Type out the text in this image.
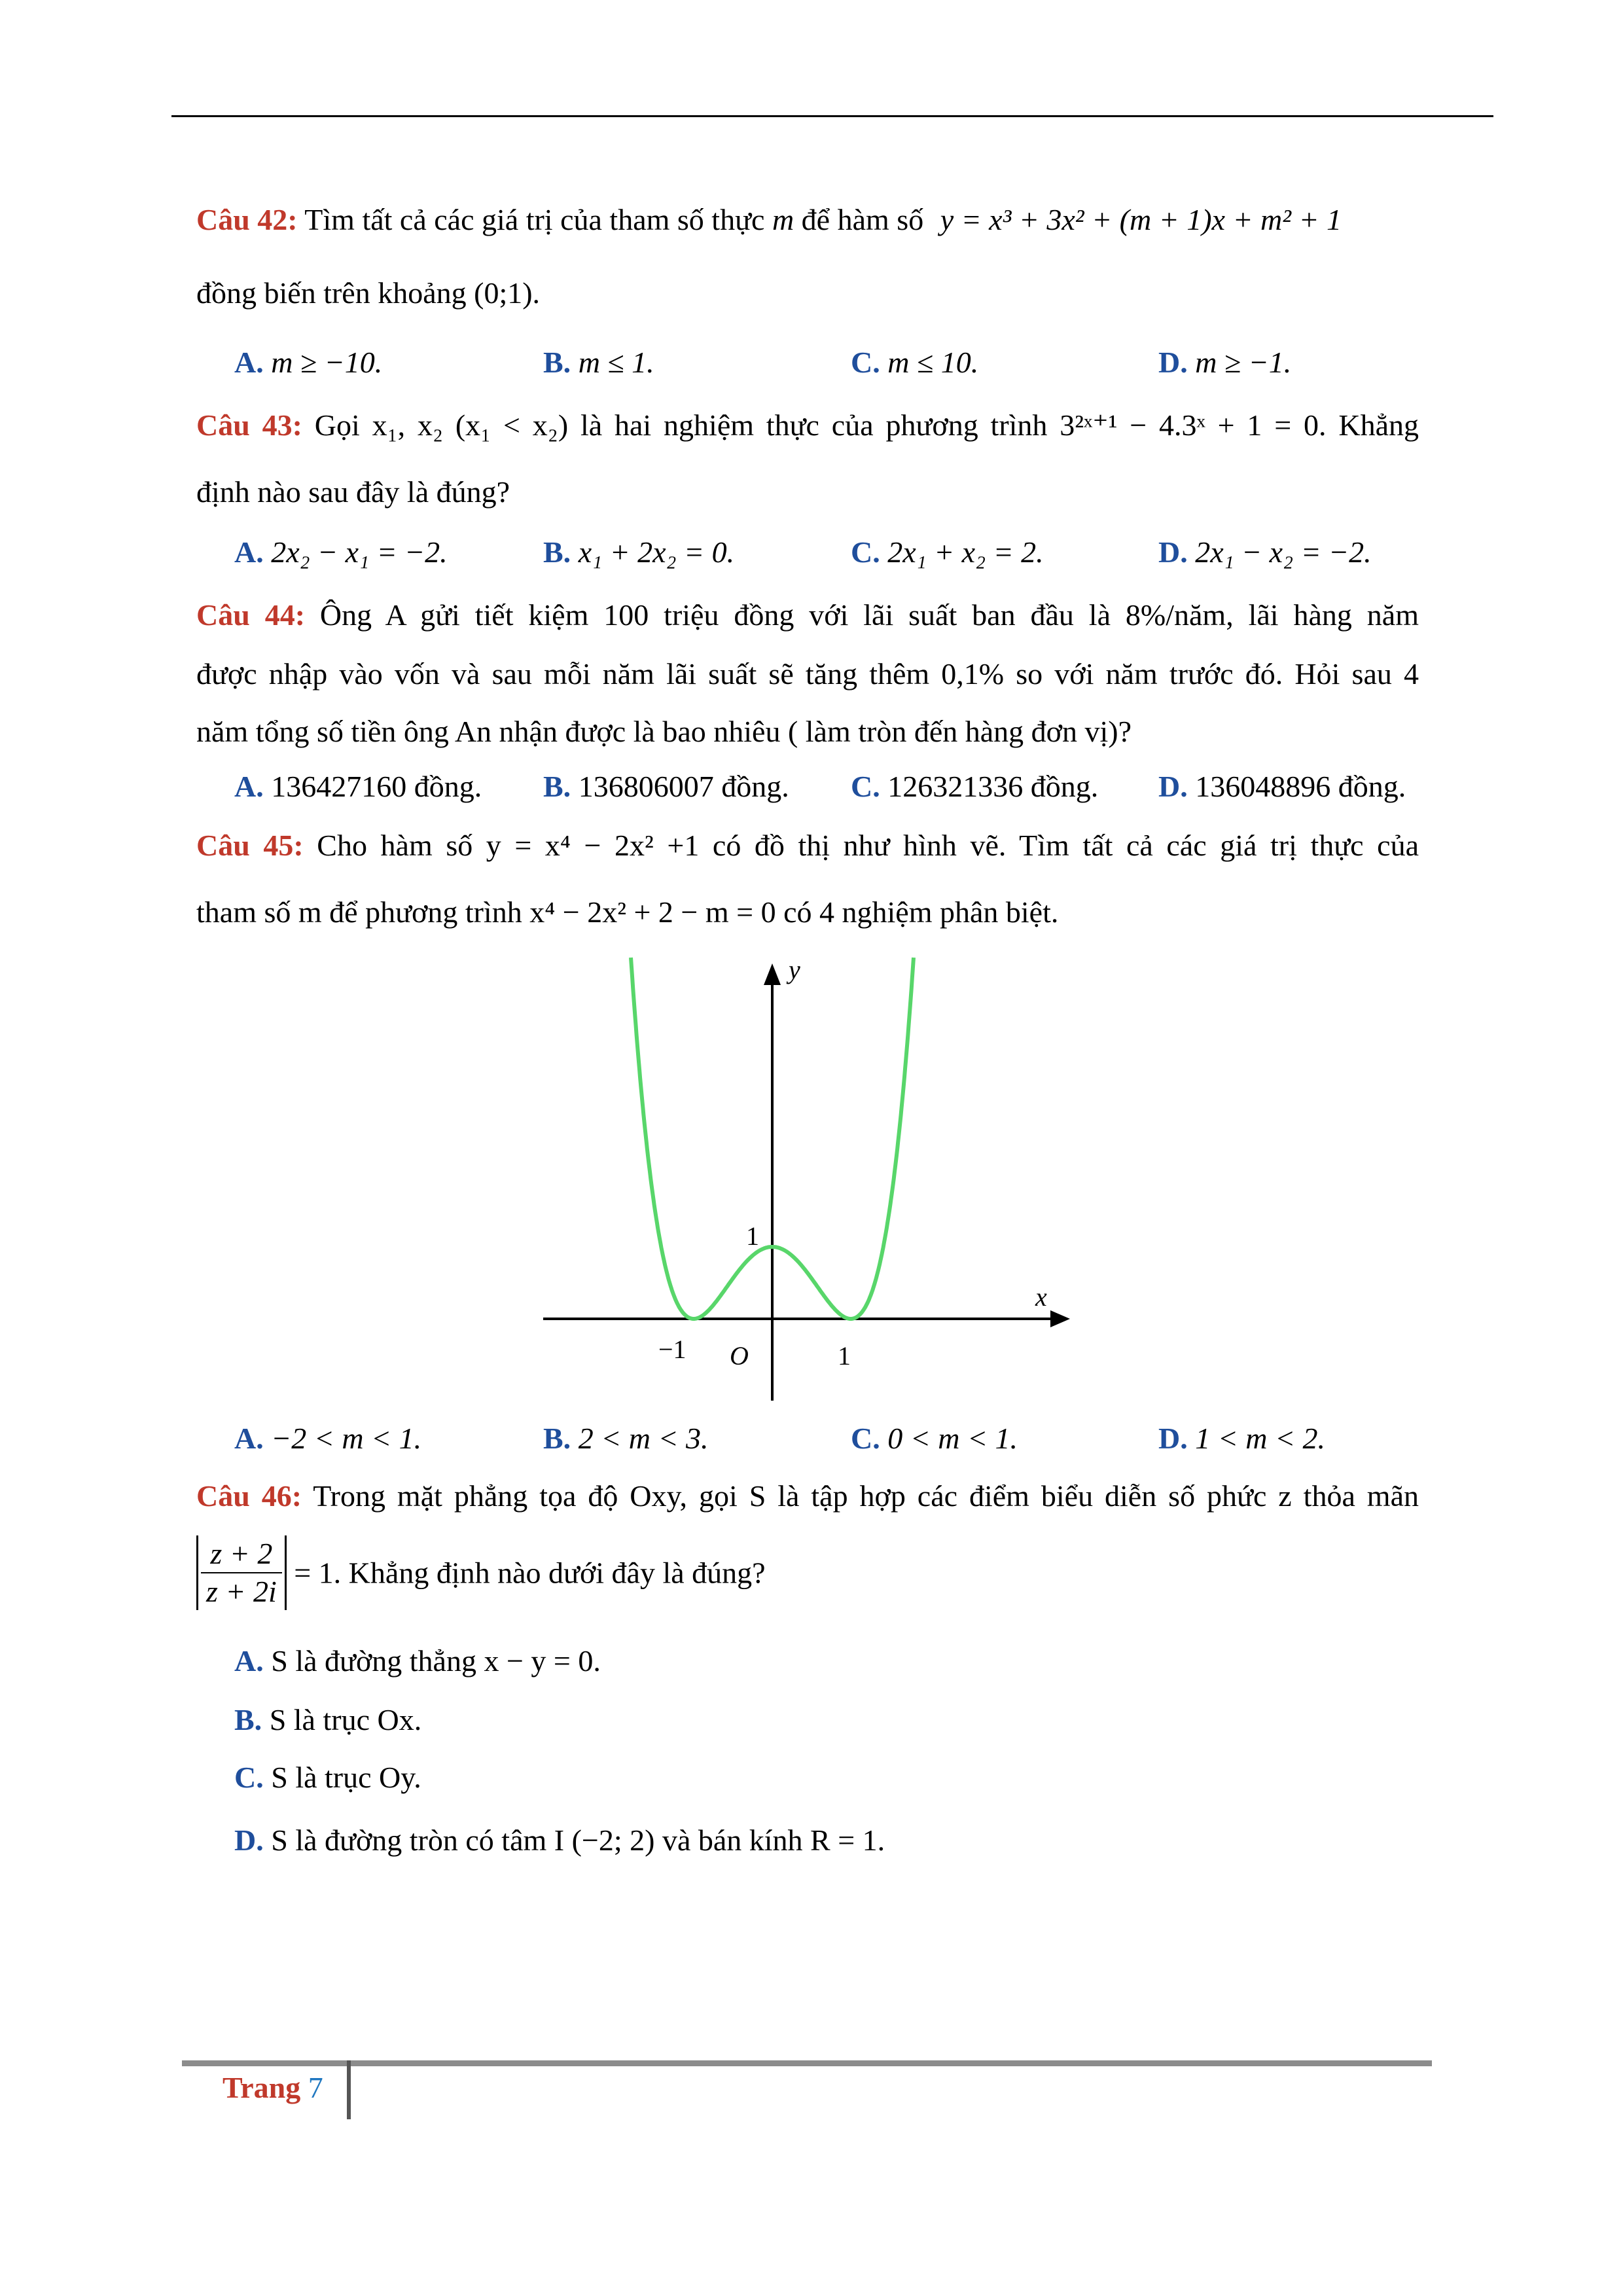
Câu 42: Tìm tất cả các giá trị của tham số thực m để hàm số y = x³ + 3x² + (m + 1)x + m² + 1
đồng biến trên khoảng (0;1).
A. m ≥ −10.	B. m ≤ 1.	C. m ≤ 10.	D. m ≥ −1.
Câu 43: Gọi x₁, x₂ (x₁ < x₂) là hai nghiệm thực của phương trình 3²ˣ⁺¹ − 4.3ˣ + 1 = 0. Khẳng
định nào sau đây là đúng?
A. 2x₂ − x₁ = −2.	B. x₁ + 2x₂ = 0.	C. 2x₁ + x₂ = 2.	D. 2x₁ − x₂ = −2.
Câu 44: Ông A gửi tiết kiệm 100 triệu đồng với lãi suất ban đầu là 8%/năm, lãi hàng năm
được nhập vào vốn và sau mỗi năm lãi suất sẽ tăng thêm 0,1% so với năm trước đó. Hỏi sau 4
năm tổng số tiền ông An nhận được là bao nhiêu ( làm tròn đến hàng đơn vị)?
A. 136427160 đồng. B. 136806007 đồng. C. 126321336 đồng. D. 136048896 đồng.
Câu 45: Cho hàm số y = x⁴ − 2x² +1 có đồ thị như hình vẽ. Tìm tất cả các giá trị thực của
tham số m để phương trình x⁴ − 2x² + 2 − m = 0 có 4 nghiệm phân biệt.
y
x
1
−1 O	1
A. −2 < m < 1.	B. 2 < m < 3.	C. 0 < m < 1.	D. 1 < m < 2.
Câu 46: Trong mặt phẳng tọa độ Oxy, gọi S là tập hợp các điểm biểu diễn số phức z thỏa mãn
$\frac{z + 2}{z + 2i} = 1$. Khẳng định nào dưới đây là đúng?
A. S là đường thẳng x − y = 0.
B. S là trục Ox.
C. S là trục Oy.
D. S là đường tròn có tâm I (−2; 2) và bán kính R = 1.
Trang 7
